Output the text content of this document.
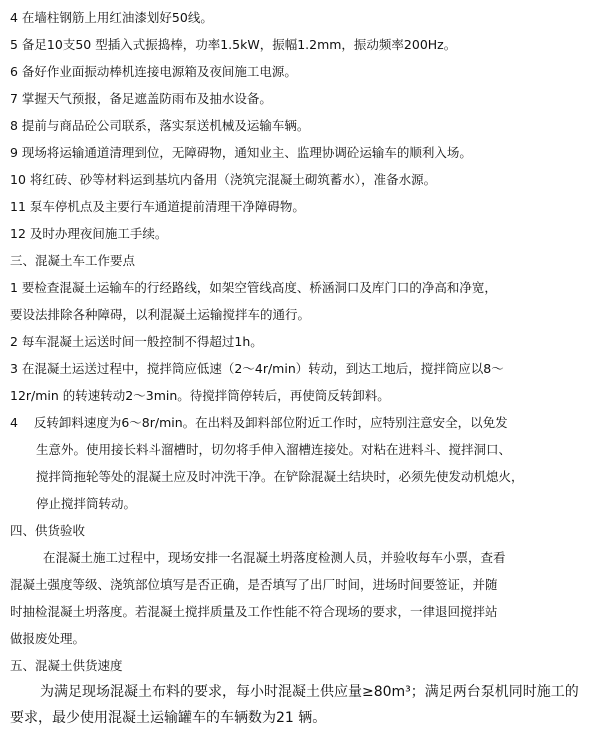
4 在墙柱钢筋上用红油漆划好50线。
5 备足10支50 型插入式振捣棒，功率1.5kW，振幅1.2mm，振动频率200Hz。
6 备好作业面振动棒机连接电源箱及夜间施工电源。
7 掌握天气预报，备足遮盖防雨布及抽水设备。
8 提前与商品砼公司联系，落实泵送机械及运输车辆。
9 现场将运输通道清理到位，无障碍物，通知业主、监理协调砼运输车的顺利入场。
10 将红砖、砂等材料运到基坑内备用（浇筑完混凝土砌筑蓄水），准备水源。
11 泵车停机点及主要行车通道提前清理干净障碍物。
12 及时办理夜间施工手续。
三、混凝土车工作要点
1 要检查混凝土运输车的行经路线，如架空管线高度、桥涵洞口及库门口的净高和净宽，
要设法排除各种障碍，以利混凝土运输搅拌车的通行。
2 每车混凝土运送时间一般控制不得超过1h。
3 在混凝土运送过程中，搅拌筒应低速（2～4r/min）转动，到达工地后，搅拌筒应以8～
12r/min 的转速转动2～3min。待搅拌筒停转后，再使筒反转卸料。
4    反转卸料速度为6～8r/min。在出料及卸料部位附近工作时，应特别注意安全，以免发
生意外。使用接长料斗溜槽时，切勿将手伸入溜槽连接处。对粘在进料斗、搅拌洞口、
搅拌筒拖轮等处的混凝土应及时冲洗干净。在铲除混凝土结块时，必须先使发动机熄火，
停止搅拌筒转动。
四、供货验收
在混凝土施工过程中，现场安排一名混凝土坍落度检测人员，并验收每车小票，查看
混凝土强度等级、浇筑部位填写是否正确，是否填写了出厂时间，进场时间要签证，并随
时抽检混凝土坍落度。若混凝土搅拌质量及工作性能不符合现场的要求，一律退回搅拌站
做报废处理。
五、混凝土供货速度
为满足现场混凝土布料的要求，每小时混凝土供应量≥80m³；满足两台泵机同时施工的
要求，最少使用混凝土运输罐车的车辆数为21 辆。
